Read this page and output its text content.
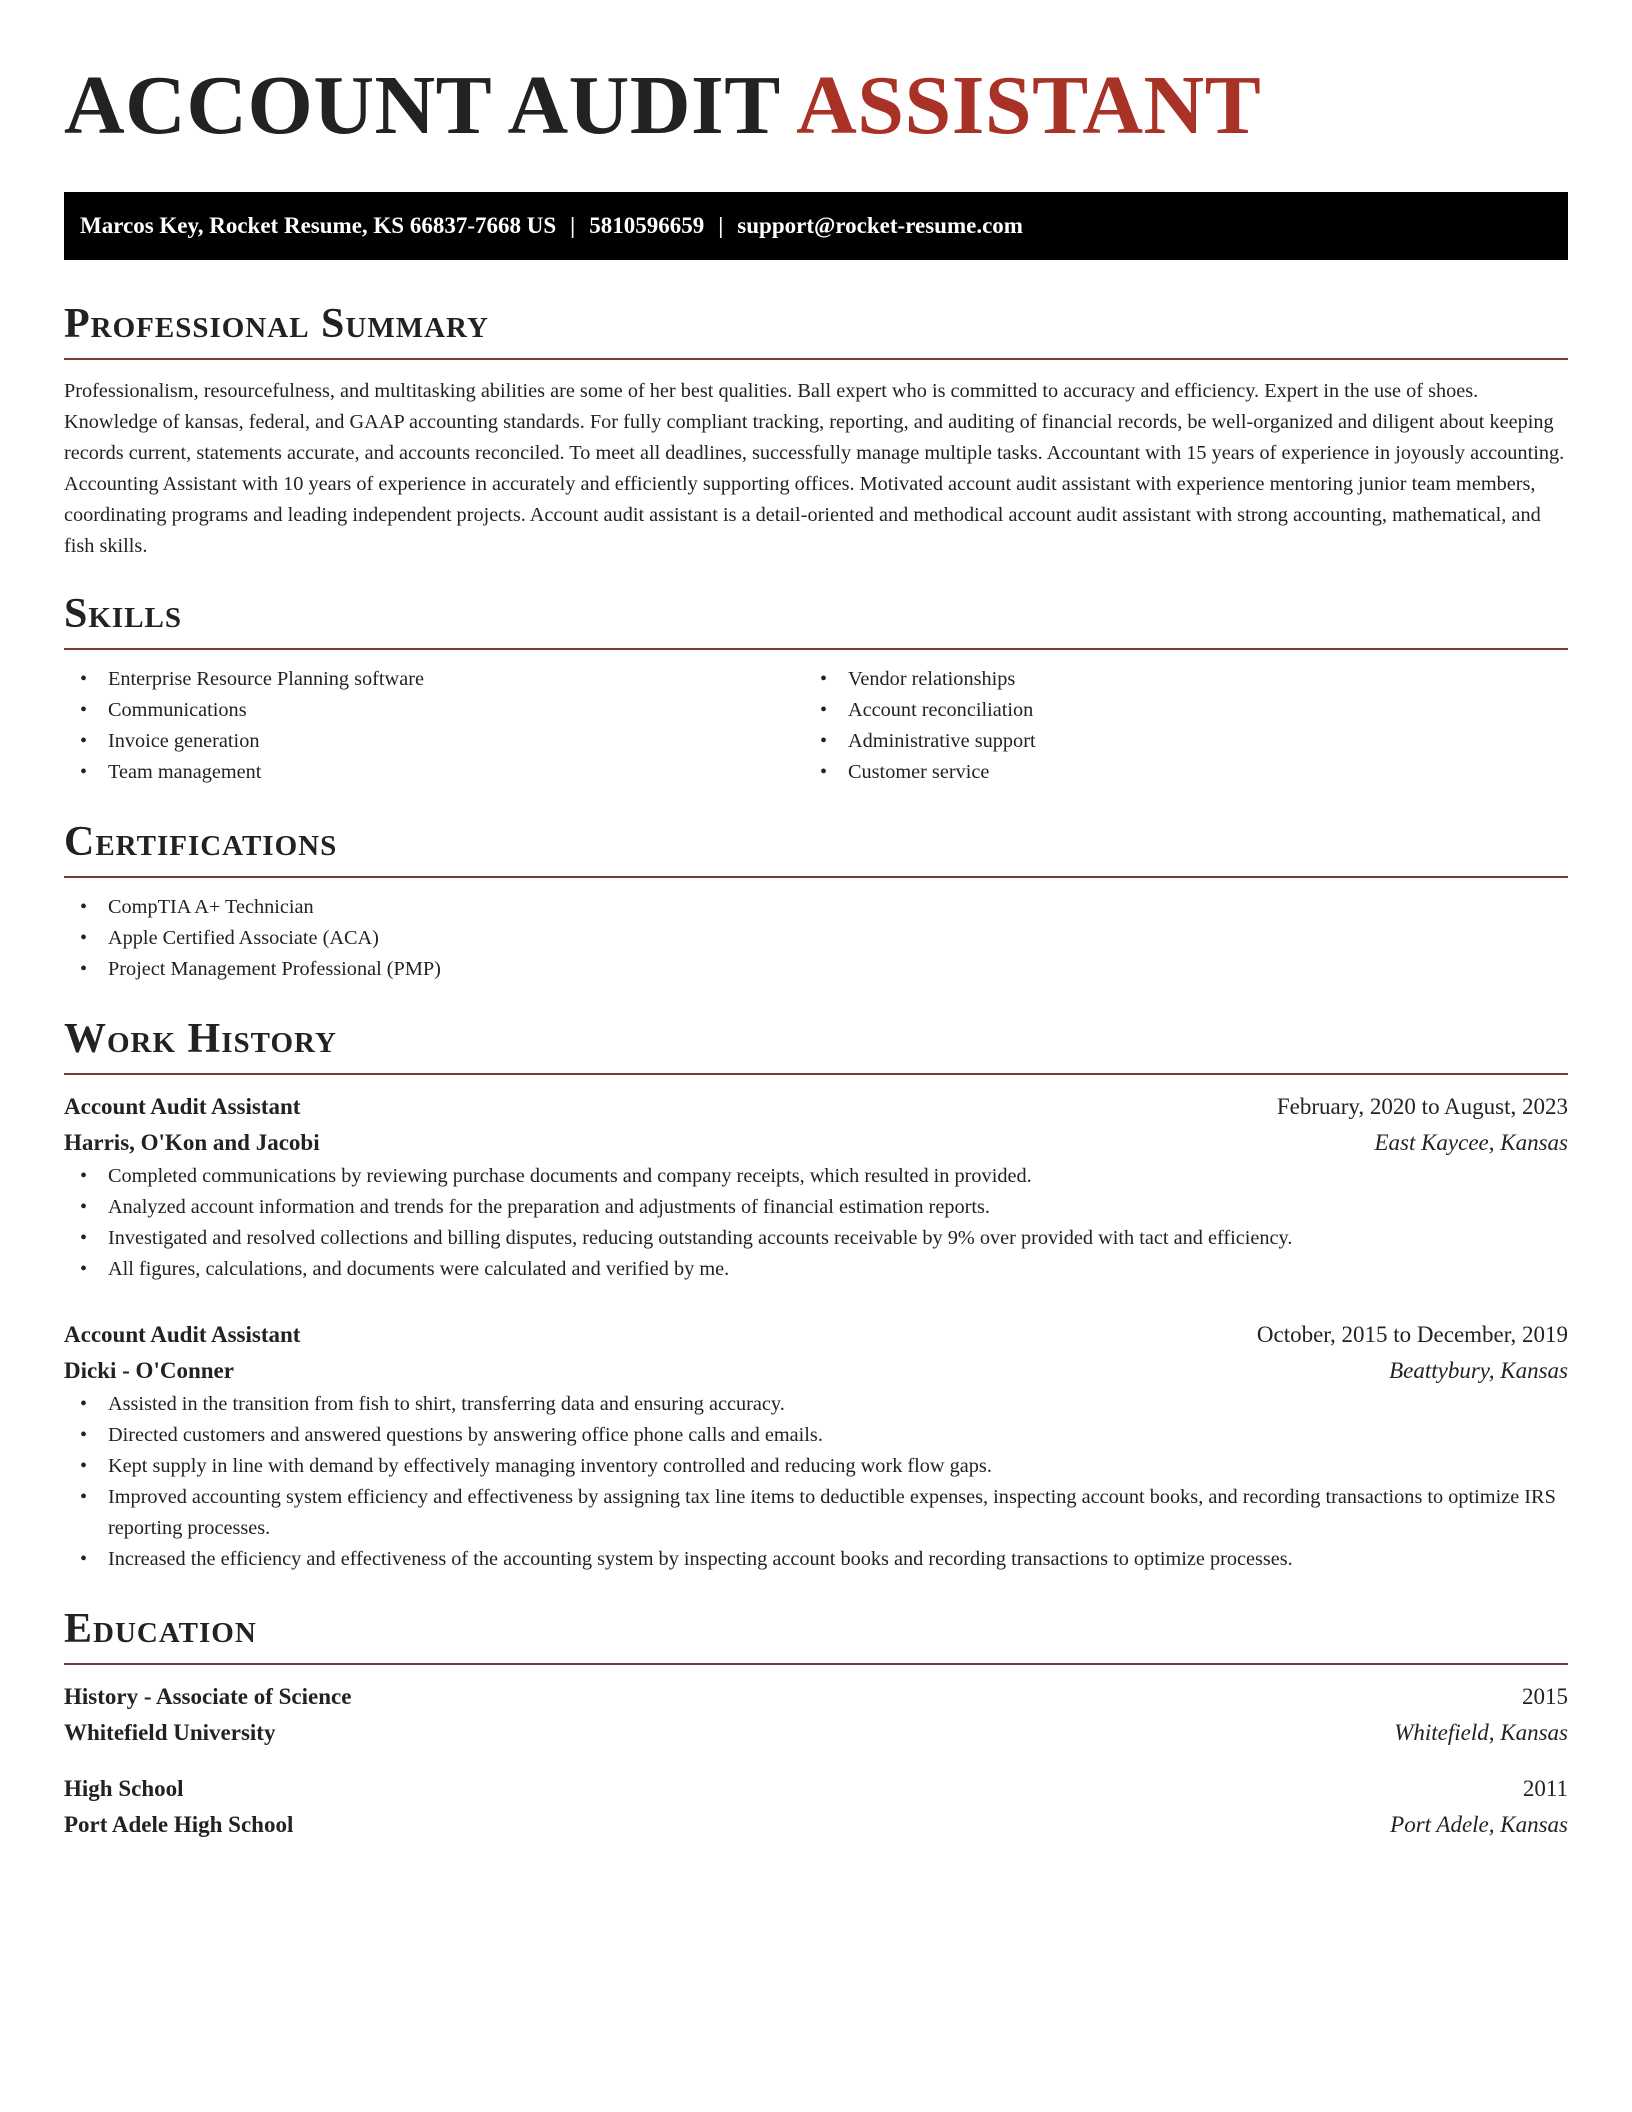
ACCOUNT AUDIT ASSISTANT
Marcos Key, Rocket Resume, KS 66837-7668 US | 5810596659 | support@rocket-resume.com
Professional Summary

Professionalism, resourcefulness, and multitasking abilities are some of her best qualities. Ball expert who is committed to accuracy and efficiency. Expert in the use of shoes. Knowledge of kansas, federal, and GAAP accounting standards. For fully compliant tracking, reporting, and auditing of financial records, be well-organized and diligent about keeping records current, statements accurate, and accounts reconciled. To meet all deadlines, successfully manage multiple tasks. Accountant with 15 years of experience in joyously accounting. Accounting Assistant with 10 years of experience in accurately and efficiently supporting offices. Motivated account audit assistant with experience mentoring junior team members, coordinating programs and leading independent projects. Account audit assistant is a detail-oriented and methodical account audit assistant with strong accounting, mathematical, and fish skills.

Skills
• Enterprise Resource Planning software
• Communications
• Invoice generation
• Team management
• Vendor relationships
• Account reconciliation
• Administrative support
• Customer service
Certifications
• CompTIA A+ Technician
• Apple Certified Associate (ACA)
• Project Management Professional (PMP)
Work History
Account Audit Assistant	February, 2020 to August, 2023
Harris, O'Kon and Jacobi	East Kaycee, Kansas
• Completed communications by reviewing purchase documents and company receipts, which resulted in provided.
• Analyzed account information and trends for the preparation and adjustments of financial estimation reports.
• Investigated and resolved collections and billing disputes, reducing outstanding accounts receivable by 9% over provided with tact and efficiency.
• All figures, calculations, and documents were calculated and verified by me.
Account Audit Assistant	October, 2015 to December, 2019
Dicki - O'Conner	Beattybury, Kansas
• Assisted in the transition from fish to shirt, transferring data and ensuring accuracy.
• Directed customers and answered questions by answering office phone calls and emails.
• Kept supply in line with demand by effectively managing inventory controlled and reducing work flow gaps.
• Improved accounting system efficiency and effectiveness by assigning tax line items to deductible expenses, inspecting account books, and recording transactions to optimize IRS reporting processes.
• Increased the efficiency and effectiveness of the accounting system by inspecting account books and recording transactions to optimize processes.
Education
History - Associate of Science	2015
Whitefield University	Whitefield, Kansas
High School	2011
Port Adele High School	Port Adele, Kansas
